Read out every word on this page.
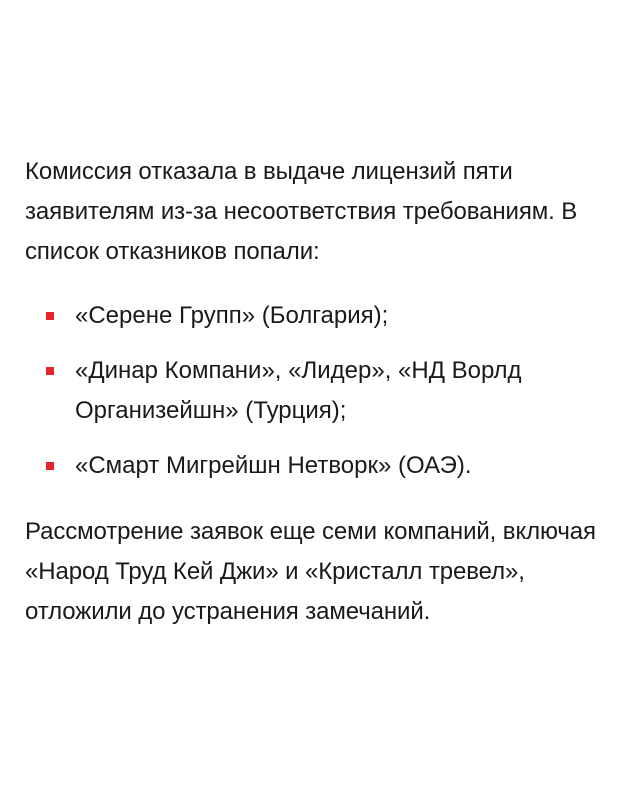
Комиссия отказала в выдаче лицензий пяти заявителям из-за несоответствия требованиям. В список отказников попали:

«Серене Групп» (Болгария);
«Динар Компани», «Лидер», «НД Ворлд Организейшн» (Турция);
«Смарт Мигрейшн Нетворк» (ОАЭ).

Рассмотрение заявок еще семи компаний, включая «Народ Труд Кей Джи» и «Кристалл тревел», отложили до устранения замечаний.
